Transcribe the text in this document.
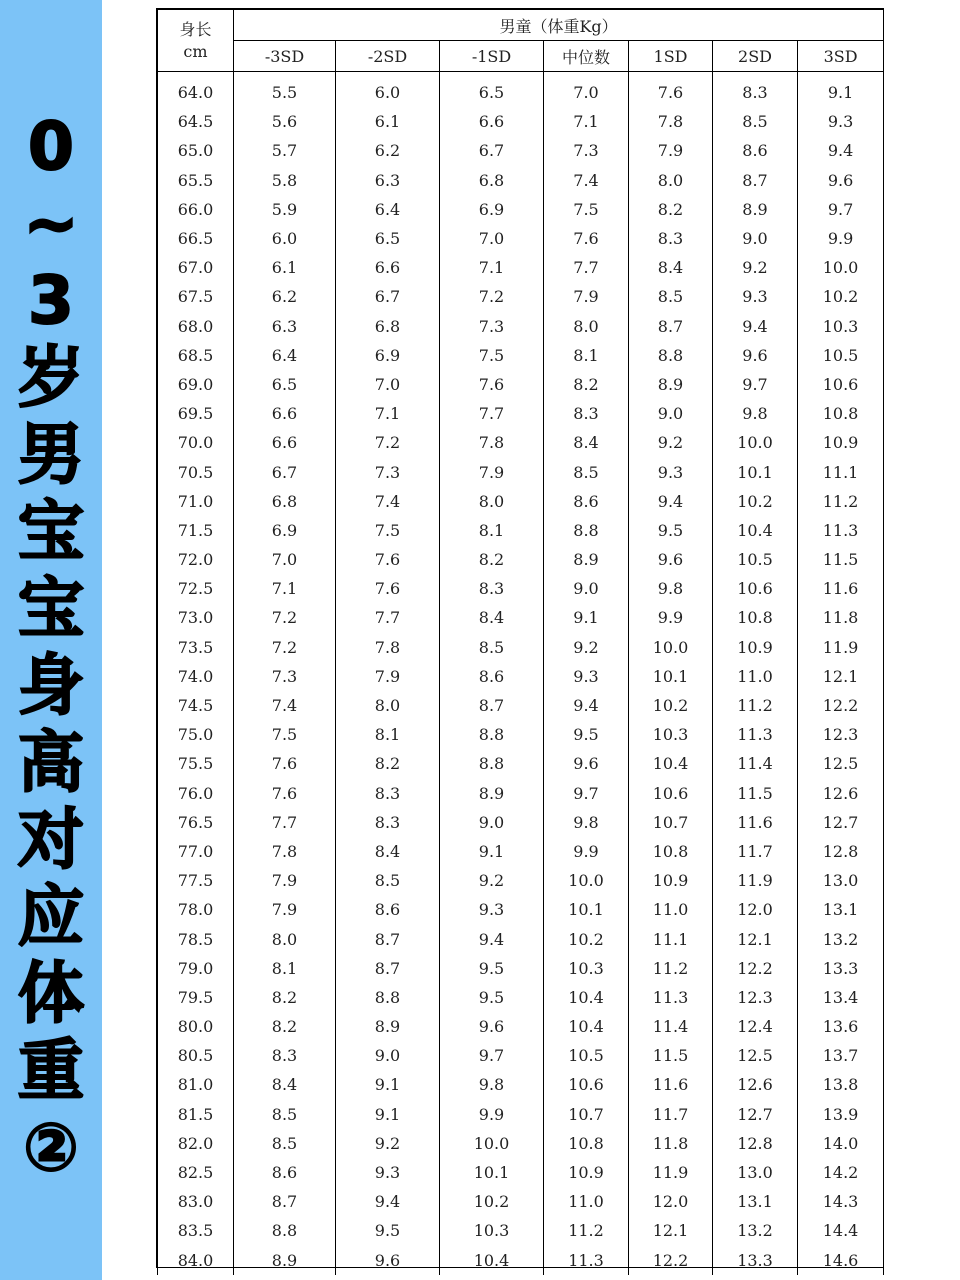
0
~
3
岁
男
宝
宝
身
高
对
应
体
重
②
身长
cm	男童（体重Kg）						
	-3SD	-2SD	-1SD	中位数	1SD	2SD	3SD
64.0	5.5	6.0	6.5	7.0	7.6	8.3	9.1
64.5	5.6	6.1	6.6	7.1	7.8	8.5	9.3
65.0	5.7	6.2	6.7	7.3	7.9	8.6	9.4
65.5	5.8	6.3	6.8	7.4	8.0	8.7	9.6
66.0	5.9	6.4	6.9	7.5	8.2	8.9	9.7
66.5	6.0	6.5	7.0	7.6	8.3	9.0	9.9
67.0	6.1	6.6	7.1	7.7	8.4	9.2	10.0
67.5	6.2	6.7	7.2	7.9	8.5	9.3	10.2
68.0	6.3	6.8	7.3	8.0	8.7	9.4	10.3
68.5	6.4	6.9	7.5	8.1	8.8	9.6	10.5
69.0	6.5	7.0	7.6	8.2	8.9	9.7	10.6
69.5	6.6	7.1	7.7	8.3	9.0	9.8	10.8
70.0	6.6	7.2	7.8	8.4	9.2	10.0	10.9
70.5	6.7	7.3	7.9	8.5	9.3	10.1	11.1
71.0	6.8	7.4	8.0	8.6	9.4	10.2	11.2
71.5	6.9	7.5	8.1	8.8	9.5	10.4	11.3
72.0	7.0	7.6	8.2	8.9	9.6	10.5	11.5
72.5	7.1	7.6	8.3	9.0	9.8	10.6	11.6
73.0	7.2	7.7	8.4	9.1	9.9	10.8	11.8
73.5	7.2	7.8	8.5	9.2	10.0	10.9	11.9
74.0	7.3	7.9	8.6	9.3	10.1	11.0	12.1
74.5	7.4	8.0	8.7	9.4	10.2	11.2	12.2
75.0	7.5	8.1	8.8	9.5	10.3	11.3	12.3
75.5	7.6	8.2	8.8	9.6	10.4	11.4	12.5
76.0	7.6	8.3	8.9	9.7	10.6	11.5	12.6
76.5	7.7	8.3	9.0	9.8	10.7	11.6	12.7
77.0	7.8	8.4	9.1	9.9	10.8	11.7	12.8
77.5	7.9	8.5	9.2	10.0	10.9	11.9	13.0
78.0	7.9	8.6	9.3	10.1	11.0	12.0	13.1
78.5	8.0	8.7	9.4	10.2	11.1	12.1	13.2
79.0	8.1	8.7	9.5	10.3	11.2	12.2	13.3
79.5	8.2	8.8	9.5	10.4	11.3	12.3	13.4
80.0	8.2	8.9	9.6	10.4	11.4	12.4	13.6
80.5	8.3	9.0	9.7	10.5	11.5	12.5	13.7
81.0	8.4	9.1	9.8	10.6	11.6	12.6	13.8
81.5	8.5	9.1	9.9	10.7	11.7	12.7	13.9
82.0	8.5	9.2	10.0	10.8	11.8	12.8	14.0
82.5	8.6	9.3	10.1	10.9	11.9	13.0	14.2
83.0	8.7	9.4	10.2	11.0	12.0	13.1	14.3
83.5	8.8	9.5	10.3	11.2	12.1	13.2	14.4
84.0	8.9	9.6	10.4	11.3	12.2	13.3	14.6
